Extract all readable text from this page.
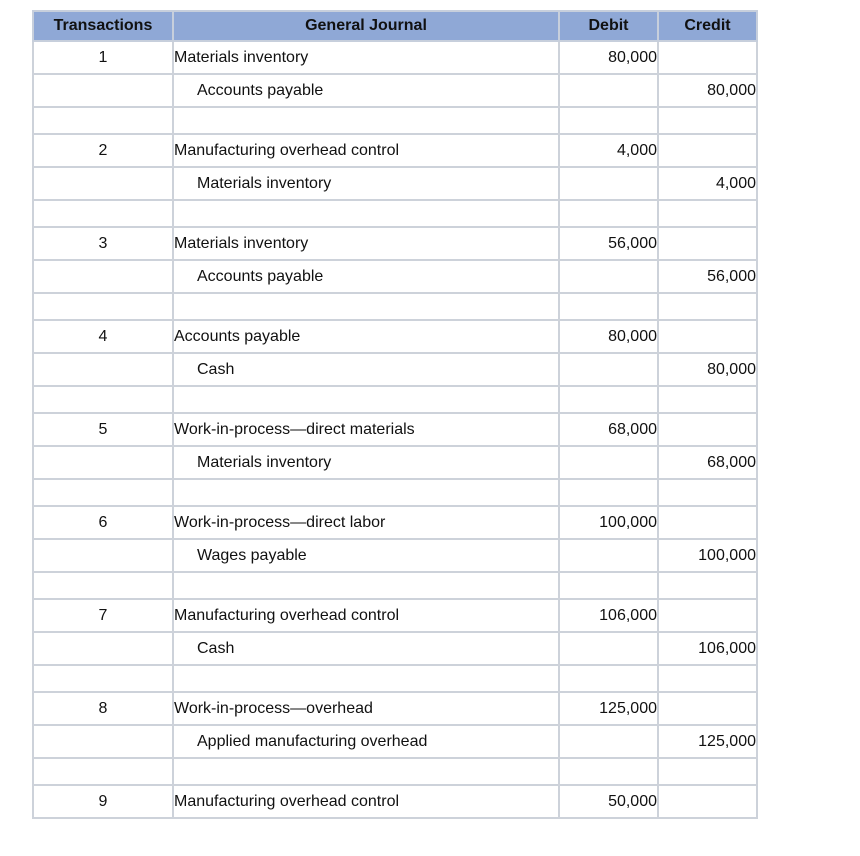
Transactions	General Journal	Debit	Credit
1	Materials inventory	80,000	
	Accounts payable		80,000

2	Manufacturing overhead control	4,000	
	Materials inventory		4,000

3	Materials inventory	56,000	
	Accounts payable		56,000

4	Accounts payable	80,000	
	Cash		80,000

5	Work-in-process—direct materials	68,000	
	Materials inventory		68,000

6	Work-in-process—direct labor	100,000	
	Wages payable		100,000

7	Manufacturing overhead control	106,000	
	Cash		106,000

8	Work-in-process—overhead	125,000	
	Applied manufacturing overhead		125,000

9	Manufacturing overhead control	50,000	
